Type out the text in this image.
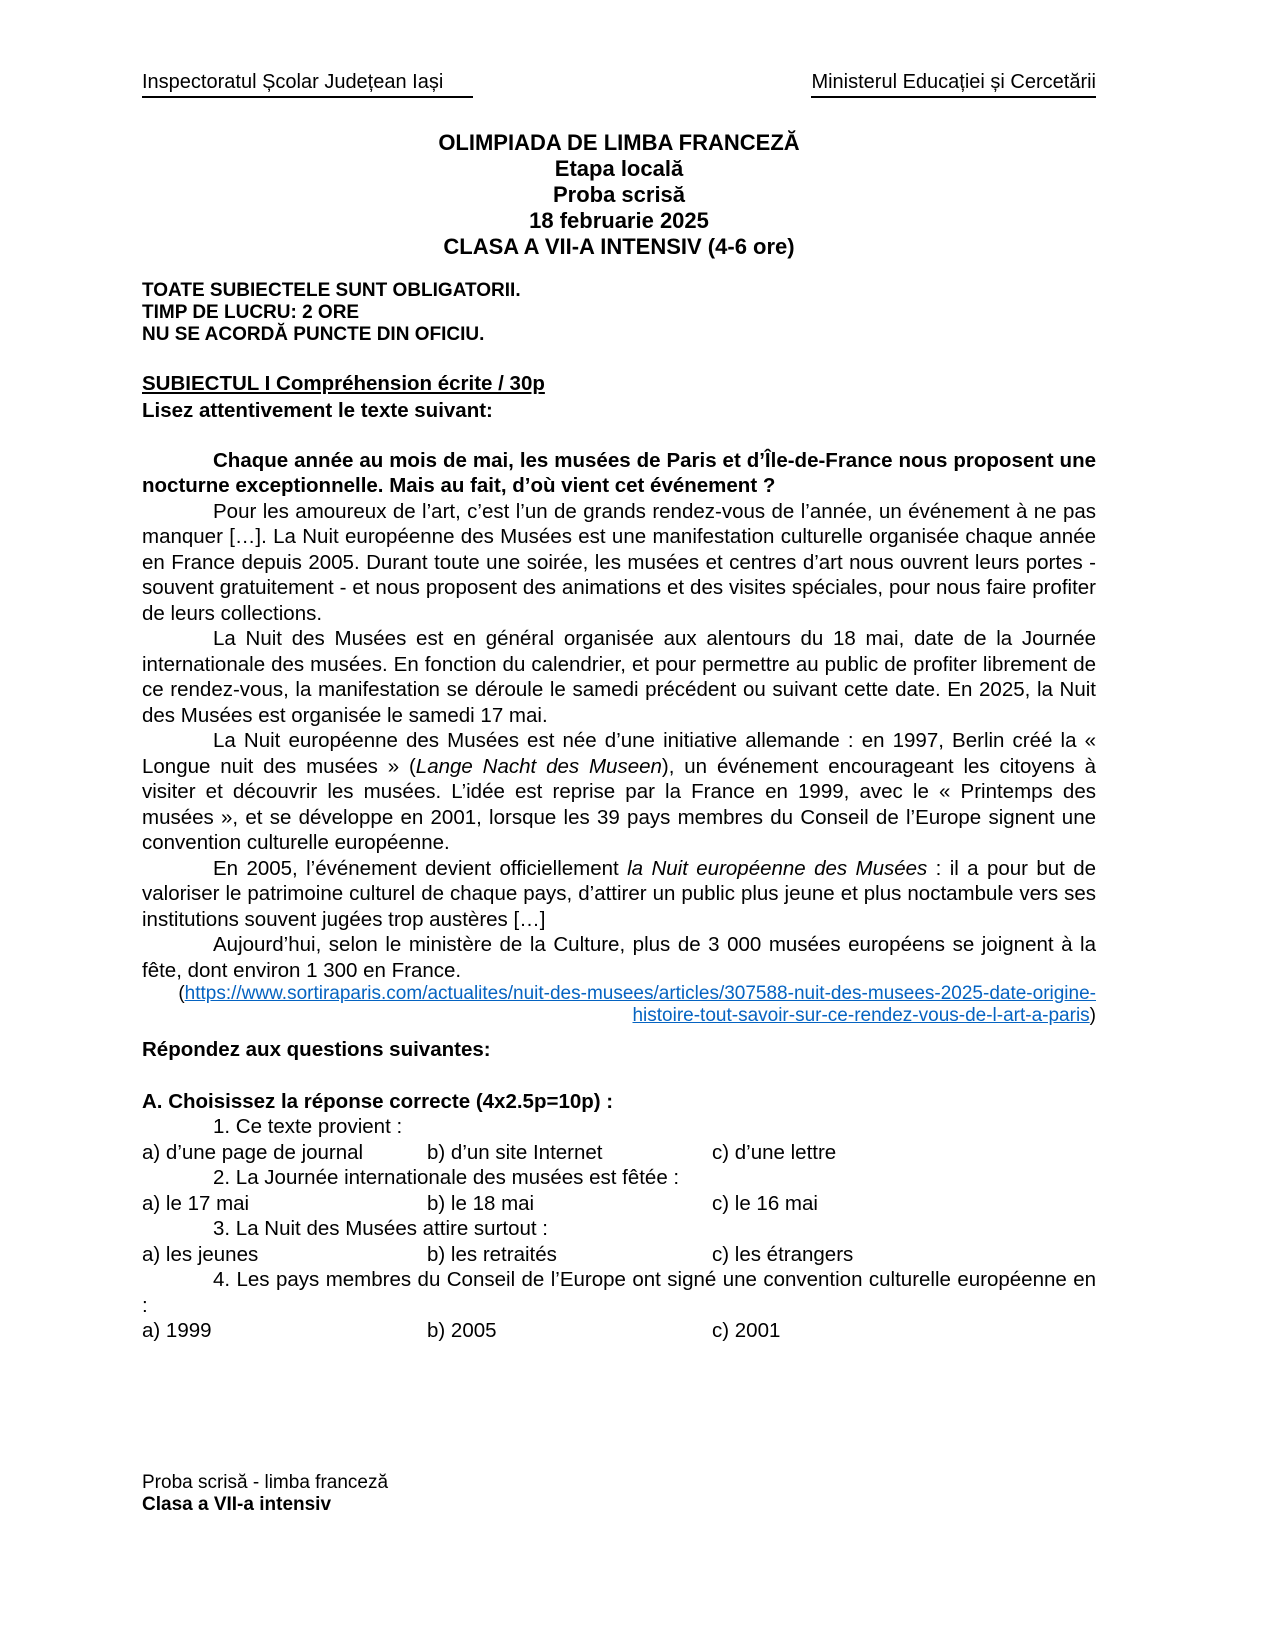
Inspectoratul Școlar Județean Iași	Ministerul Educației și Cercetării
OLIMPIADA DE LIMBA FRANCEZĂ
Etapa locală
Proba scrisă
18 februarie 2025
CLASA A VII-A INTENSIV (4-6 ore)
TOATE SUBIECTELE SUNT OBLIGATORII.
TIMP DE LUCRU: 2 ORE
NU SE ACORDĂ PUNCTE DIN OFICIU.
SUBIECTUL I Compréhension écrite / 30p
Lisez attentivement le texte suivant:

Chaque année au mois de mai, les musées de Paris et d’Île-de-France nous proposent une nocturne exceptionnelle. Mais au fait, d’où vient cet événement ?

Pour les amoureux de l’art, c’est l’un de grands rendez-vous de l’année, un événement à ne pas manquer […]. La Nuit européenne des Musées est une manifestation culturelle organisée chaque année en France depuis 2005. Durant toute une soirée, les musées et centres d’art nous ouvrent leurs portes - souvent gratuitement - et nous proposent des animations et des visites spéciales, pour nous faire profiter de leurs collections.

La Nuit des Musées est en général organisée aux alentours du 18 mai, date de la Journée internationale des musées. En fonction du calendrier, et pour permettre au public de profiter librement de ce rendez-vous, la manifestation se déroule le samedi précédent ou suivant cette date. En 2025, la Nuit des Musées est organisée le samedi 17 mai.

La Nuit européenne des Musées est née d’une initiative allemande : en 1997, Berlin créé la « Longue nuit des musées » (Lange Nacht des Museen), un événement encourageant les citoyens à visiter et découvrir les musées. L’idée est reprise par la France en 1999, avec le « Printemps des musées », et se développe en 2001, lorsque les 39 pays membres du Conseil de l’Europe signent une convention culturelle européenne.

En 2005, l’événement devient officiellement la Nuit européenne des Musées : il a pour but de valoriser le patrimoine culturel de chaque pays, d’attirer un public plus jeune et plus noctambule vers ses institutions souvent jugées trop austères […]

Aujourd’hui, selon le ministère de la Culture, plus de 3 000 musées européens se joignent à la fête, dont environ 1 300 en France.

(https://www.sortiraparis.com/actualites/nuit-des-musees/articles/307588-nuit-des-musees-2025-date-origine-histoire-tout-savoir-sur-ce-rendez-vous-de-l-art-a-paris)

Répondez aux questions suivantes:
A. Choisissez la réponse correcte (4x2.5p=10p) :

1. Ce texte provient :

a) d’une page de journal	b) d’un site Internet	c) d’une lettre

2. La Journée internationale des musées est fêtée :

a) le 17 mai	b) le 18 mai	c) le 16 mai

3. La Nuit des Musées attire surtout :

a) les jeunes	b) les retraités	c) les étrangers

4. Les pays membres du Conseil de l’Europe ont signé une convention culturelle européenne en :

a) 1999	b) 2005	c) 2001
Proba scrisă - limba franceză
Clasa a VII-a intensiv
